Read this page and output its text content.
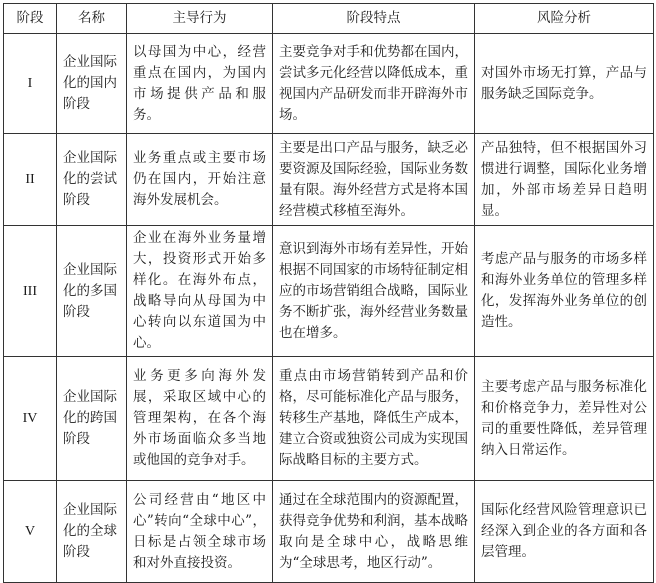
阶段	名称	主导行为	阶段特点	风险分析
I	企业国际化的国内阶段	以母国为中心，经营重点在国内，为国内市场提供产品和服务。	主要竞争对手和优势都在国内，尝试多元化经营以降低成本，重视国内产品研发而非开辟海外市场。	对国外市场无打算，产品与服务缺乏国际竞争。
II	企业国际化的尝试阶段	业务重点或主要市场仍在国内，开始注意海外发展机会。	主要是出口产品与服务，缺乏必要资源及国际经验，国际业务数量有限。海外经营方式是将本国经营模式移植至海外。	产品独特，但不根据国外习惯进行调整，国际化业务增加，外部市场差异日趋明显。
III	企业国际化的多国阶段	企业在海外业务量增大，投资形式开始多样化。在海外布点，战略导向从母国为中心转向以东道国为中心。	意识到海外市场有差异性，开始根据不同国家的市场特征制定相应的市场营销组合战略，国际业务不断扩张，海外经营业务数量也在增多。	考虑产品与服务的市场多样和海外业务单位的管理多样化，发挥海外业务单位的创造性。
IV	企业国际化的跨国阶段	业务更多向海外发展，采取区域中心的管理架构，在各个海外市场面临众多当地或他国的竞争对手。	重点由市场营销转到产品和价格，尽可能标准化产品与服务，转移生产基地，降低生产成本，建立合资或独资公司成为实现国际战略目标的主要方式。	主要考虑产品与服务标准化和价格竞争力，差异性对公司的重要性降低，差异管理纳入日常运作。
V	企业国际化的全球阶段	公司经营由“地区中心”转向“全球中心”，日标是占领全球市场和对外直接投资。	通过在全球范围内的资源配置，获得竞争优势和利润，基本战略取向是全球中心，战略思维为“全球思考，地区行动”。	国际化经营风险管理意识已经深入到企业的各方面和各层管理。
